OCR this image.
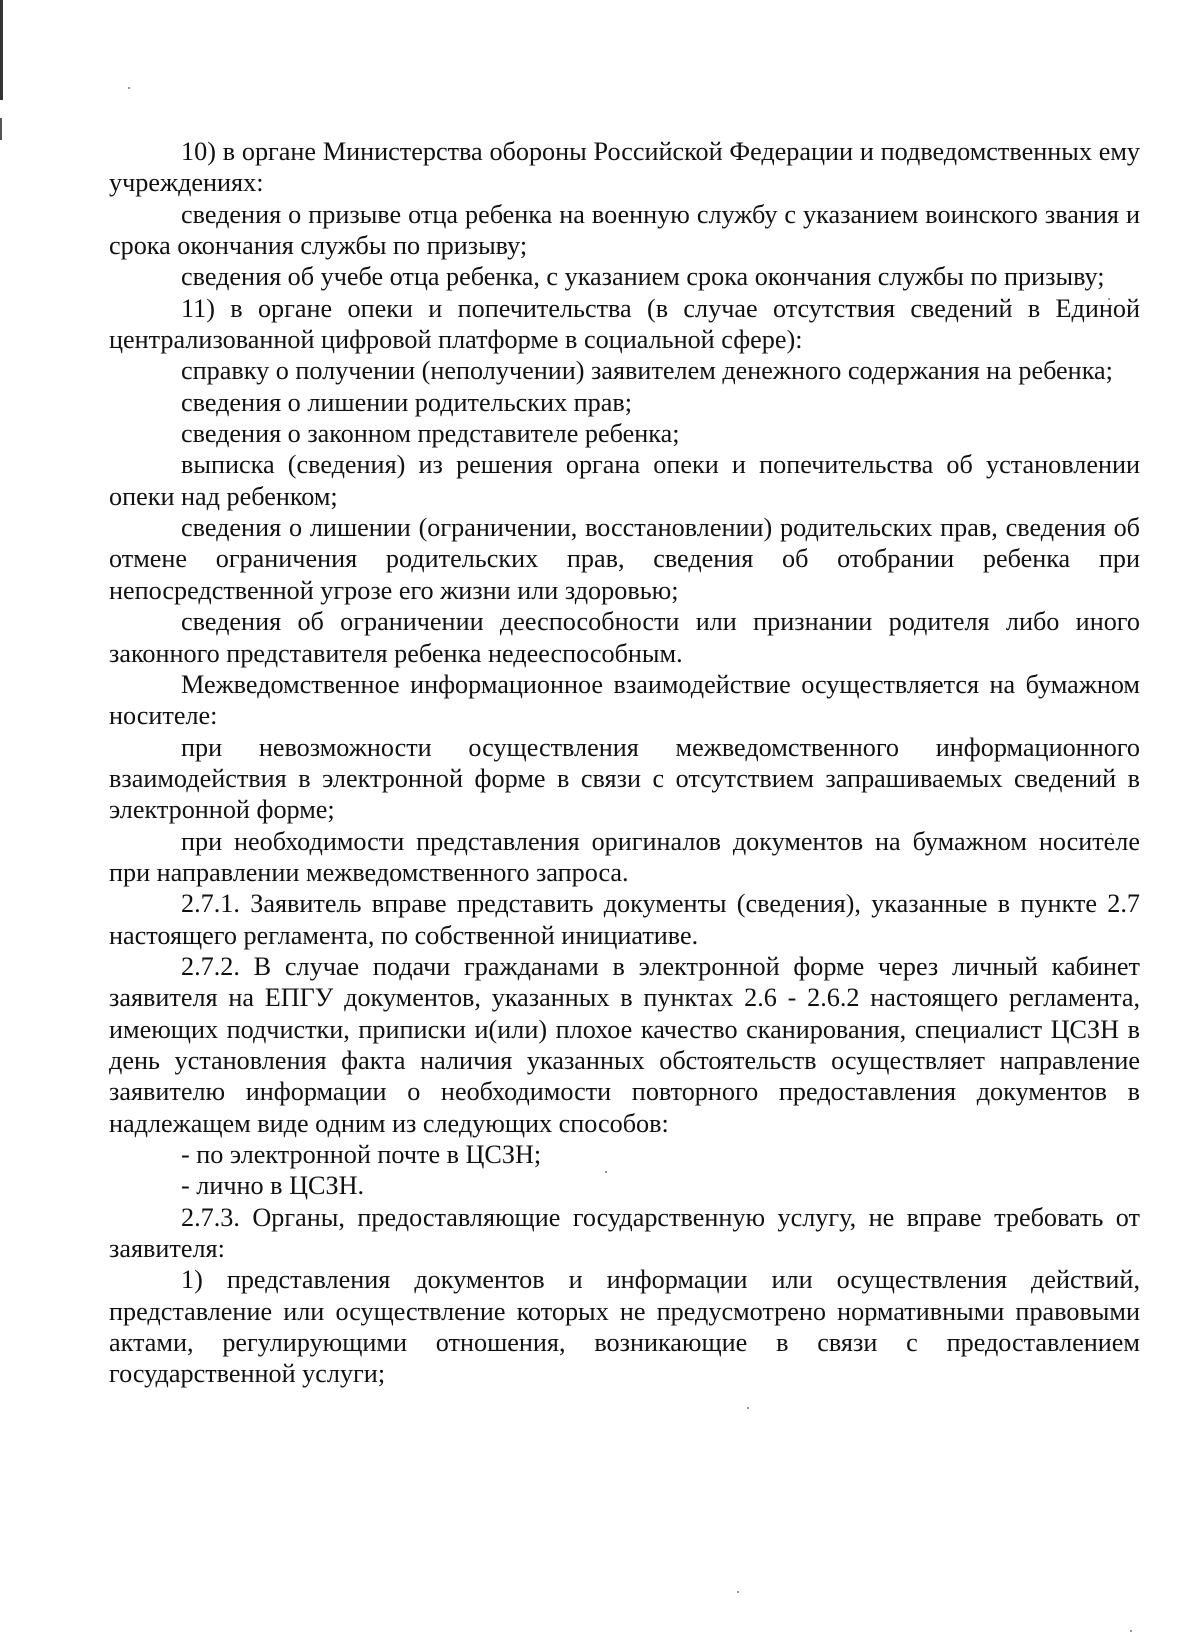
10) в органе Министерства обороны Российской Федерации и подведомственных ему учреждениях:

сведения о призыве отца ребенка на военную службу с указанием воинского звания и срока окончания службы по призыву;

сведения об учебе отца ребенка, с указанием срока окончания службы по призыву;

11) в органе опеки и попечительства (в случае отсутствия сведений в Единой централизованной цифровой платформе в социальной сфере):

справку о получении (неполучении) заявителем денежного содержания на ребенка;

сведения о лишении родительских прав;

сведения о законном представителе ребенка;

выписка (сведения) из решения органа опеки и попечительства об установлении опеки над ребенком;

сведения о лишении (ограничении, восстановлении) родительских прав, сведения об отмене ограничения родительских прав, сведения об отобрании ребенка при непосредственной угрозе его жизни или здоровью;

сведения об ограничении дееспособности или признании родителя либо иного законного представителя ребенка недееспособным.

Межведомственное информационное взаимодействие осуществляется на бумажном носителе:

при невозможности осуществления межведомственного информационного взаимодействия в электронной форме в связи с отсутствием запрашиваемых сведений в электронной форме;

при необходимости представления оригиналов документов на бумажном носителе при направлении межведомственного запроса.

2.7.1. Заявитель вправе представить документы (сведения), указанные в пункте 2.7 настоящего регламента, по собственной инициативе.

2.7.2. В случае подачи гражданами в электронной форме через личный кабинет заявителя на ЕПГУ документов, указанных в пунктах 2.6 - 2.6.2 настоящего регламента, имеющих подчистки, приписки и(или) плохое качество сканирования, специалист ЦСЗН в день установления факта наличия указанных обстоятельств осуществляет направление заявителю информации о необходимости повторного предоставления документов в надлежащем виде одним из следующих способов:

- по электронной почте в ЦСЗН;

- лично в ЦСЗН.

2.7.3. Органы, предоставляющие государственную услугу, не вправе требовать от заявителя:

1) представления документов и информации или осуществления действий, представление или осуществление которых не предусмотрено нормативными правовыми актами, регулирующими отношения, возникающие в связи с предоставлением государственной услуги;
